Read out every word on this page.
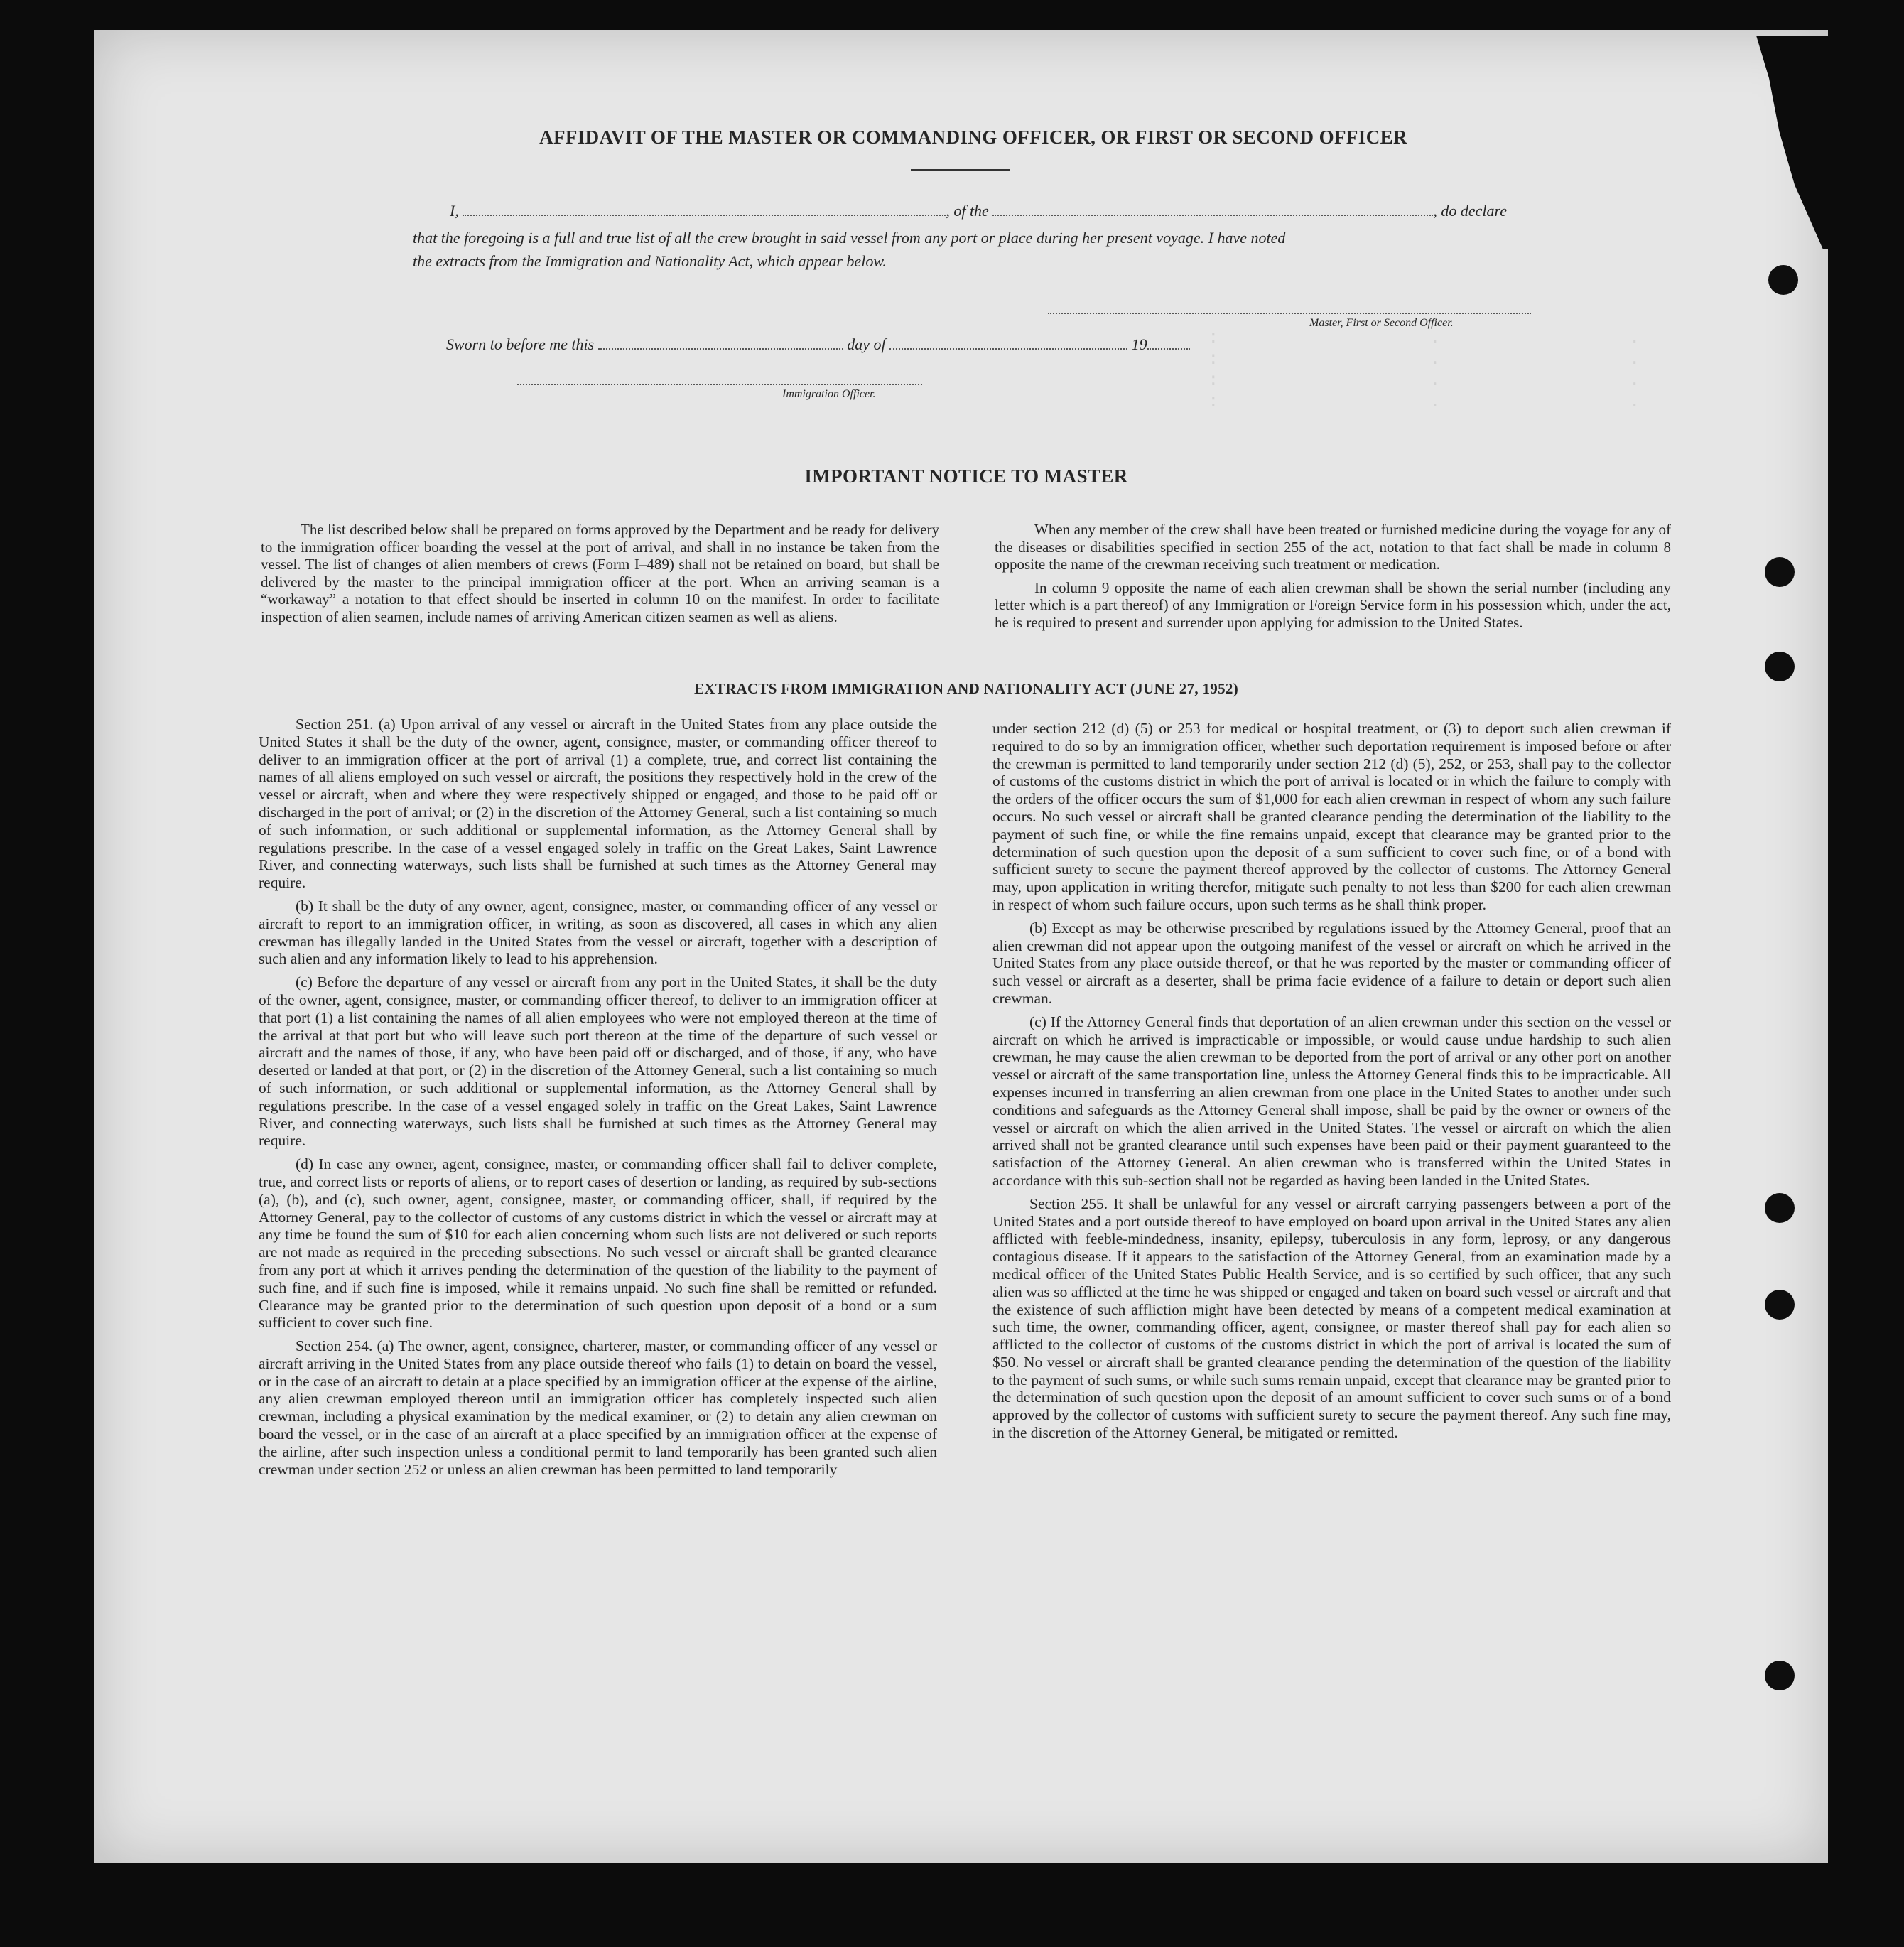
:                   .                 .
:                   .                 .
:                   .                 .
:                   .                 .
AFFIDAVIT OF THE MASTER OR COMMANDING OFFICER, OR FIRST OR SECOND OFFICER
I,	, of the	, do declare
that the foregoing is a full and true list of all the crew brought in said vessel from any port or place during her present voyage. I have noted
the extracts from the Immigration and Nationality Act, which appear below.
Master, First or Second Officer.
Sworn to before me this	day of	19
Immigration Officer.
IMPORTANT NOTICE TO MASTER

The list described below shall be prepared on forms approved by the Department and be ready for delivery to the immigration officer boarding the vessel at the port of arrival, and shall in no instance be taken from the vessel. The list of changes of alien members of crews (Form I–489) shall not be retained on board, but shall be delivered by the master to the principal immigration officer at the port. When an arriving seaman is a “workaway” a notation to that effect should be inserted in column 10 on the manifest. In order to facilitate inspection of alien seamen, include names of arriving American citizen seamen as well as aliens.

When any member of the crew shall have been treated or furnished medicine during the voyage for any of the diseases or disabilities specified in section 255 of the act, notation to that fact shall be made in column 8 opposite the name of the crewman receiving such treatment or medication.

In column 9 opposite the name of each alien crewman shall be shown the serial number (including any letter which is a part thereof) of any Immigration or Foreign Service form in his possession which, under the act, he is required to present and surrender upon applying for admission to the United States.

EXTRACTS FROM IMMIGRATION AND NATIONALITY ACT (JUNE 27, 1952)

Section 251. (a) Upon arrival of any vessel or aircraft in the United States from any place outside the United States it shall be the duty of the owner, agent, consignee, master, or commanding officer thereof to deliver to an immigration officer at the port of arrival (1) a complete, true, and correct list containing the names of all aliens employed on such vessel or aircraft, the positions they respectively hold in the crew of the vessel or aircraft, when and where they were respectively shipped or engaged, and those to be paid off or discharged in the port of arrival; or (2) in the discretion of the Attorney General, such a list containing so much of such information, or such additional or supplemental information, as the Attorney General shall by regulations prescribe. In the case of a vessel engaged solely in traffic on the Great Lakes, Saint Lawrence River, and connecting waterways, such lists shall be furnished at such times as the Attorney General may require.

(b) It shall be the duty of any owner, agent, consignee, master, or commanding officer of any vessel or aircraft to report to an immigration officer, in writing, as soon as discovered, all cases in which any alien crewman has illegally landed in the United States from the vessel or aircraft, together with a description of such alien and any information likely to lead to his apprehension.

(c) Before the departure of any vessel or aircraft from any port in the United States, it shall be the duty of the owner, agent, consignee, master, or commanding officer thereof, to deliver to an immigration officer at that port (1) a list containing the names of all alien employees who were not employed thereon at the time of the arrival at that port but who will leave such port thereon at the time of the departure of such vessel or aircraft and the names of those, if any, who have been paid off or discharged, and of those, if any, who have deserted or landed at that port, or (2) in the discretion of the Attorney General, such a list containing so much of such information, or such additional or supplemental information, as the Attorney General shall by regulations prescribe. In the case of a vessel engaged solely in traffic on the Great Lakes, Saint Lawrence River, and connecting waterways, such lists shall be furnished at such times as the Attorney General may require.

(d) In case any owner, agent, consignee, master, or commanding officer shall fail to deliver complete, true, and correct lists or reports of aliens, or to report cases of desertion or landing, as required by sub-sections (a), (b), and (c), such owner, agent, consignee, master, or commanding officer, shall, if required by the Attorney General, pay to the collector of customs of any customs district in which the vessel or aircraft may at any time be found the sum of $10 for each alien concerning whom such lists are not delivered or such reports are not made as required in the preceding subsections. No such vessel or aircraft shall be granted clearance from any port at which it arrives pending the determination of the question of the liability to the payment of such fine, and if such fine is imposed, while it remains unpaid. No such fine shall be remitted or refunded. Clearance may be granted prior to the determination of such question upon deposit of a bond or a sum sufficient to cover such fine.

Section 254. (a) The owner, agent, consignee, charterer, master, or commanding officer of any vessel or aircraft arriving in the United States from any place outside thereof who fails (1) to detain on board the vessel, or in the case of an aircraft to detain at a place specified by an immigration officer at the expense of the airline, any alien crewman employed thereon until an immigration officer has completely inspected such alien crewman, including a physical examination by the medical examiner, or (2) to detain any alien crewman on board the vessel, or in the case of an aircraft at a place specified by an immigration officer at the expense of the airline, after such inspection unless a conditional permit to land temporarily has been granted such alien crewman under section 252 or unless an alien crewman has been permitted to land temporarily

under section 212 (d) (5) or 253 for medical or hospital treatment, or (3) to deport such alien crewman if required to do so by an immigration officer, whether such deportation requirement is imposed before or after the crewman is permitted to land temporarily under section 212 (d) (5), 252, or 253, shall pay to the collector of customs of the customs district in which the port of arrival is located or in which the failure to comply with the orders of the officer occurs the sum of $1,000 for each alien crewman in respect of whom any such failure occurs. No such vessel or aircraft shall be granted clearance pending the determination of the liability to the payment of such fine, or while the fine remains unpaid, except that clearance may be granted prior to the determination of such question upon the deposit of a sum sufficient to cover such fine, or of a bond with sufficient surety to secure the payment thereof approved by the collector of customs. The Attorney General may, upon application in writing therefor, mitigate such penalty to not less than $200 for each alien crewman in respect of whom such failure occurs, upon such terms as he shall think proper.

(b) Except as may be otherwise prescribed by regulations issued by the Attorney General, proof that an alien crewman did not appear upon the outgoing manifest of the vessel or aircraft on which he arrived in the United States from any place outside thereof, or that he was reported by the master or commanding officer of such vessel or aircraft as a deserter, shall be prima facie evidence of a failure to detain or deport such alien crewman.

(c) If the Attorney General finds that deportation of an alien crewman under this section on the vessel or aircraft on which he arrived is impracticable or impossible, or would cause undue hardship to such alien crewman, he may cause the alien crewman to be deported from the port of arrival or any other port on another vessel or aircraft of the same transportation line, unless the Attorney General finds this to be impracticable. All expenses incurred in transferring an alien crewman from one place in the United States to another under such conditions and safeguards as the Attorney General shall impose, shall be paid by the owner or owners of the vessel or aircraft on which the alien arrived in the United States. The vessel or aircraft on which the alien arrived shall not be granted clearance until such expenses have been paid or their payment guaranteed to the satisfaction of the Attorney General. An alien crewman who is transferred within the United States in accordance with this sub-section shall not be regarded as having been landed in the United States.

Section 255. It shall be unlawful for any vessel or aircraft carrying passengers between a port of the United States and a port outside thereof to have employed on board upon arrival in the United States any alien afflicted with feeble-mindedness, insanity, epilepsy, tuberculosis in any form, leprosy, or any dangerous contagious disease. If it appears to the satisfaction of the Attorney General, from an examination made by a medical officer of the United States Public Health Service, and is so certified by such officer, that any such alien was so afflicted at the time he was shipped or engaged and taken on board such vessel or aircraft and that the existence of such affliction might have been detected by means of a competent medical examination at such time, the owner, commanding officer, agent, consignee, or master thereof shall pay for each alien so afflicted to the collector of customs of the customs district in which the port of arrival is located the sum of $50. No vessel or aircraft shall be granted clearance pending the determination of the question of the liability to the payment of such sums, or while such sums remain unpaid, except that clearance may be granted prior to the determination of such question upon the deposit of an amount sufficient to cover such sums or of a bond approved by the collector of customs with sufficient surety to secure the payment thereof. Any such fine may, in the discretion of the Attorney General, be mitigated or remitted.
